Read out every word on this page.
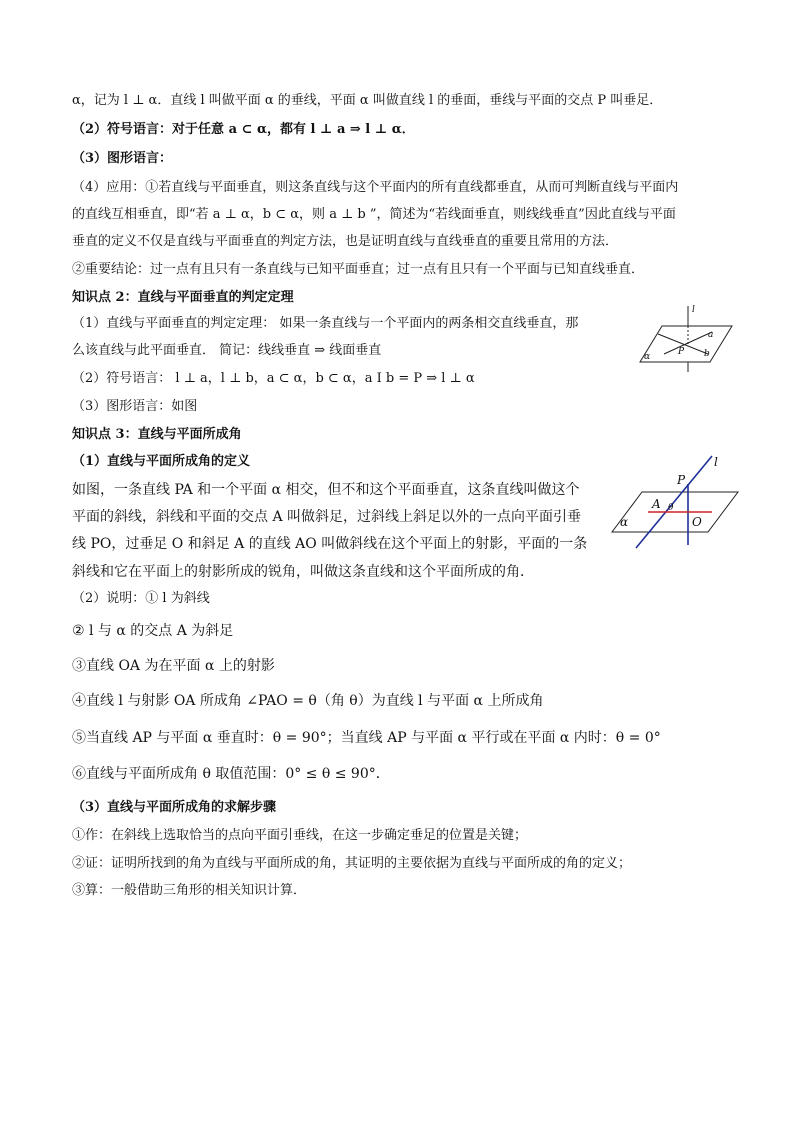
α，记为 l ⊥ α．直线 l 叫做平面 α 的垂线，平面 α 叫做直线 l 的垂面，垂线与平面的交点 P 叫垂足．
（2）符号语言：对于任意 a ⊂ α，都有 l ⊥ a ⇒ l ⊥ α．
（3）图形语言：
（4）应用：①若直线与平面垂直，则这条直线与这个平面内的所有直线都垂直，从而可判断直线与平面内
的直线互相垂直，即“若 a ⊥ α，b ⊂ α，则 a ⊥ b ”，简述为“若线面垂直，则线线垂直”因此直线与平面
垂直的定义不仅是直线与平面垂直的判定方法，也是证明直线与直线垂直的重要且常用的方法．
②重要结论：过一点有且只有一条直线与已知平面垂直；过一点有且只有一个平面与已知直线垂直．
知识点 2：直线与平面垂直的判定定理
（1）直线与平面垂直的判定定理： 如果一条直线与一个平面内的两条相交直线垂直，那
么该直线与此平面垂直． 简记：线线垂直 ⇒ 线面垂直
（2）符号语言： l ⊥ a，l ⊥ b，a ⊂ α，b ⊂ α，a I b = P ⇒ l ⊥ α
（3）图形语言：如图
知识点 3：直线与平面所成角
（1）直线与平面所成角的定义
如图，一条直线 PA 和一个平面 α 相交，但不和这个平面垂直，这条直线叫做这个
平面的斜线，斜线和平面的交点 A 叫做斜足，过斜线上斜足以外的一点向平面引垂
线 PO，过垂足 O 和斜足 A 的直线 AO 叫做斜线在这个平面上的射影，平面的一条
斜线和它在平面上的射影所成的锐角，叫做这条直线和这个平面所成的角．
（2）说明：① l 为斜线
② l 与 α 的交点 A 为斜足
③直线 OA 为在平面 α 上的射影
④直线 l 与射影 OA 所成角 ∠PAO = θ（角 θ）为直线 l 与平面 α 上所成角
⑤当直线 AP 与平面 α 垂直时：θ = 90°；当直线 AP 与平面 α 平行或在平面 α 内时：θ = 0°
⑥直线与平面所成角 θ 取值范围：0° ≤ θ ≤ 90°．
（3）直线与平面所成角的求解步骤
①作：在斜线上选取恰当的点向平面引垂线，在这一步确定垂足的位置是关键；
②证：证明所找到的角为直线与平面所成的角，其证明的主要依据为直线与平面所成的角的定义；
③算：一般借助三角形的相关知识计算．
l
a
b
P
α
l
P
A θ
O
α
